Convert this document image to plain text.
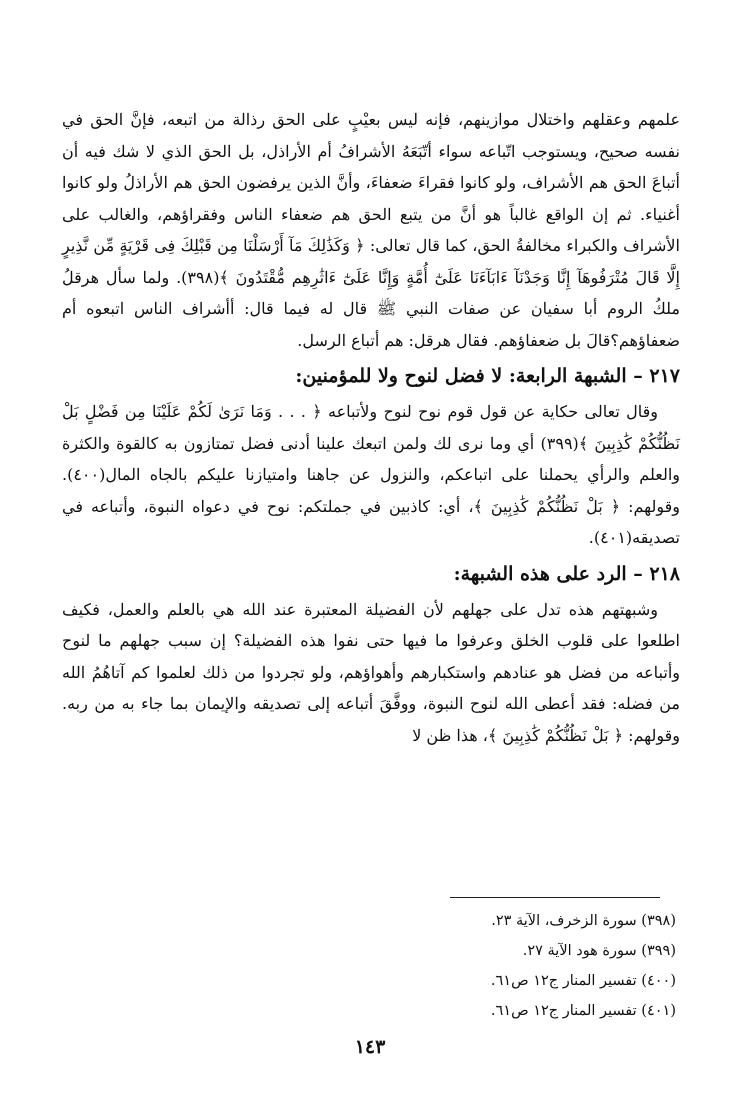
علمهم وعقلهم واختلال موازينهم، فإنه ليس بعيْبٍ على الحق رذالة من اتبعه، فإنَّ الحق في نفسه صحيح، ويستوجب اتّباعه سواء أتّبَعَهُ الأشرافُ أم الأراذل، بل الحق الذي لا شك فيه أن أتباعَ الحق هم الأشراف، ولو كانوا فقراءَ ضعفاءَ، وأنَّ الذين يرفضون الحق هم الأراذلُ ولو كانوا أغنياء. ثم إن الواقع غالباً هو أنَّ من يتبع الحق هم ضعفاء الناس وفقراؤهم، والغالب على الأشراف والكبراء مخالفةُ الحق، كما قال تعالى: ﴿ وَكَذَٰلِكَ مَآ أَرْسَلْنَا مِن قَبْلِكَ فِى قَرْيَةٍ مِّن نَّذِيرٍ إِلَّا قَالَ مُتْرَفُوهَآ إِنَّا وَجَدْنَآ ءَابَآءَنَا عَلَىٰٓ أُمَّةٍ وَإِنَّا عَلَىٰٓ ءَاثَٰرِهِم مُّقْتَدُونَ ﴾(٣٩٨). ولما سأل هرقلُ ملكُ الروم أبا سفيان عن صفات النبي ﷺ قال له فيما قال: أأشراف الناس اتبعوه أم ضعفاؤهم؟قالَ بل ضعفاؤهم. فقال هرقل: هم أتباع الرسل.

٢١٧ – الشبهة الرابعة: لا فضل لنوح ولا للمؤمنين:

وقال تعالى حكاية عن قول قوم نوح لنوح ولأتباعه ﴿ . . . وَمَا نَرَىٰ لَكُمْ عَلَيْنَا مِن فَضْلٍ بَلْ نَظُنُّكُمْ كَٰذِبِينَ ﴾(٣٩٩) أي وما نرى لك ولمن اتبعك علينا أدنى فضل تمتازون به كالقوة والكثرة والعلم والرأي يحملنا على اتباعكم، والنزول عن جاهنا وامتيازنا عليكم بالجاه المال(٤٠٠). وقولهم: ﴿ بَلْ نَظُنُّكُمْ كَٰذِبِينَ ﴾، أي: كاذبين في جملتكم: نوح في دعواه النبوة، وأتباعه في تصديقه(٤٠١).

٢١٨ – الرد على هذه الشبهة:

وشبهتهم هذه تدل على جهلهم لأن الفضيلة المعتبرة عند الله هي بالعلم والعمل، فكيف اطلعوا على قلوب الخلق وعرفوا ما فيها حتى نفوا هذه الفضيلة؟ إن سبب جهلهم ما لنوح وأتباعه من فضل هو عنادهم واستكبارهم وأهواؤهم، ولو تجردوا من ذلك لعلموا كم آتاهُمُ الله من فضله: فقد أعطى الله لنوح النبوة، ووفَّقَ أتباعه إلى تصديقه والإيمان بما جاء به من ربه. وقولهم: ﴿ بَلْ نَظُنُّكُمْ كَٰذِبِينَ ﴾، هذا ظن لا

(٣٩٨) سورة الزخرف، الآية ٢٣.

(٣٩٩) سورة هود الآية ٢٧.

(٤٠٠) تفسير المنار ج١٢ ص٦١.

(٤٠١) تفسير المنار ج١٢ ص٦١.

١٤٣
